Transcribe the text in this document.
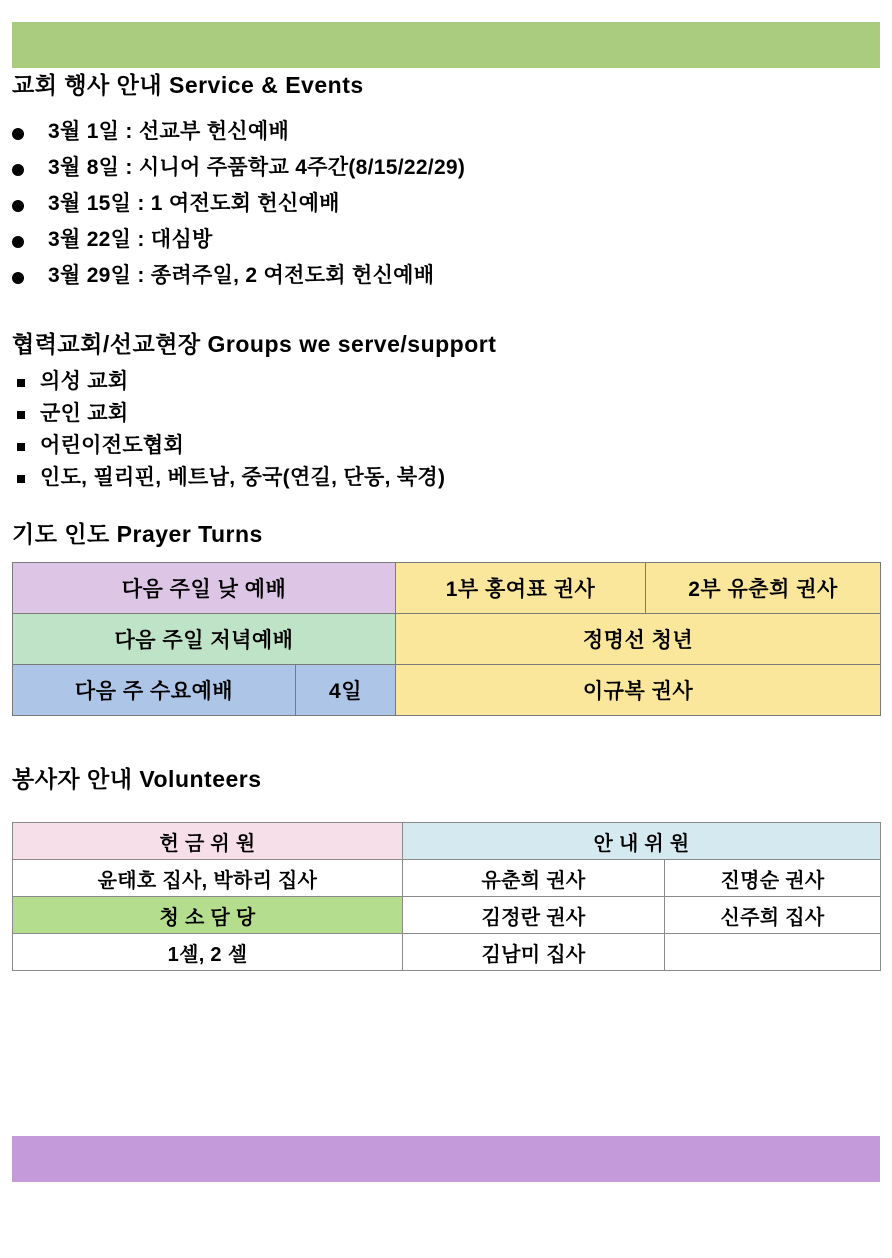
교회 행사 안내 Service & Events
3월 1일 : 선교부 헌신예배
3월 8일 : 시니어 주품학교 4주간(8/15/22/29)
3월 15일 : 1 여전도회 헌신예배
3월 22일 : 대심방
3월 29일 : 종려주일, 2 여전도회 헌신예배
협력교회/선교현장 Groups we serve/support
의성 교회
군인 교회
어린이전도협회
인도, 필리핀, 베트남, 중국(연길, 단동, 북경)
기도 인도 Prayer Turns
다음 주일 낮 예배		1부 홍여표 권사	2부 유춘희 권사
다음 주일 저녁예배		정명선 청년	
다음 주 수요예배	4일	이규복 권사	
봉사자 안내 Volunteers
헌 금 위 원	안 내 위 원	
윤태호 집사, 박하리 집사	유춘희 권사	진명순 권사
청 소 담 당	김정란 권사	신주희 집사
1셀, 2 셀	김남미 집사	
